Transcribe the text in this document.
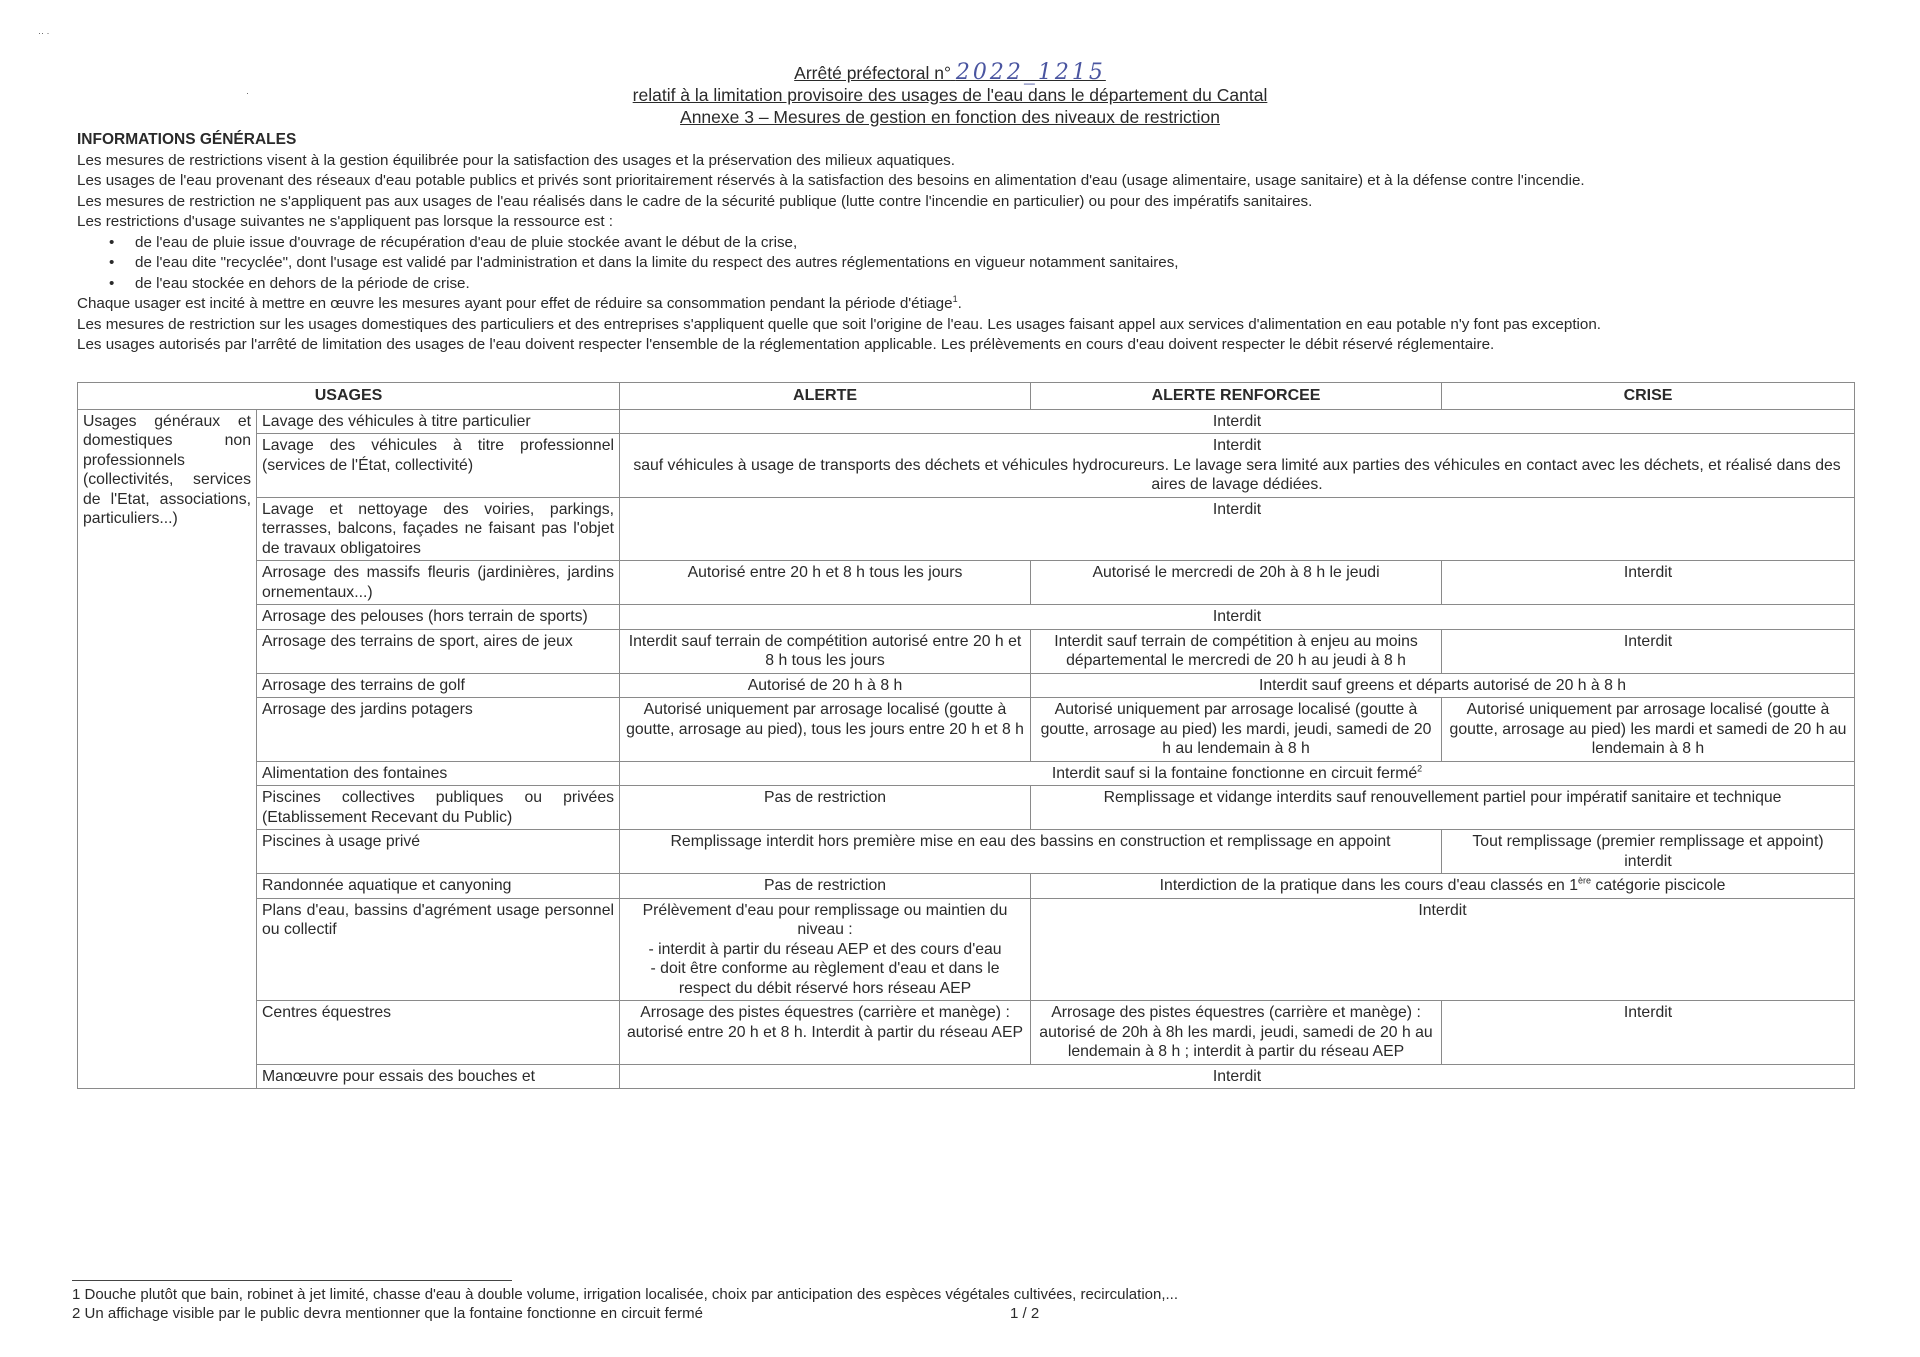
·· ·
·
Arrêté préfectoral n° 2022_1215
relatif à la limitation provisoire des usages de l'eau dans le département du Cantal
Annexe 3 – Mesures de gestion en fonction des niveaux de restriction
INFORMATIONS GÉNÉRALES

Les mesures de restrictions visent à la gestion équilibrée pour la satisfaction des usages et la préservation des milieux aquatiques.

Les usages de l'eau provenant des réseaux d'eau potable publics et privés sont prioritairement réservés à la satisfaction des besoins en alimentation d'eau (usage alimentaire, usage sanitaire) et à la défense contre l'incendie.

Les mesures de restriction ne s'appliquent pas aux usages de l'eau réalisés dans le cadre de la sécurité publique (lutte contre l'incendie en particulier) ou pour des impératifs sanitaires.

Les restrictions d'usage suivantes ne s'appliquent pas lorsque la ressource est :

• de l'eau de pluie issue d'ouvrage de récupération d'eau de pluie stockée avant le début de la crise,
• de l'eau dite "recyclée", dont l'usage est validé par l'administration et dans la limite du respect des autres réglementations en vigueur notamment sanitaires,
• de l'eau stockée en dehors de la période de crise.

Chaque usager est incité à mettre en œuvre les mesures ayant pour effet de réduire sa consommation pendant la période d'étiage$^1$.

Les mesures de restriction sur les usages domestiques des particuliers et des entreprises s'appliquent quelle que soit l'origine de l'eau. Les usages faisant appel aux services d'alimentation en eau potable n'y font pas exception.

Les usages autorisés par l'arrêté de limitation des usages de l'eau doivent respecter l'ensemble de la réglementation applicable. Les prélèvements en cours d'eau doivent respecter le débit réservé réglementaire.

USAGES		ALERTE	ALERTE RENFORCEE	CRISE
Usages généraux et domestiques non professionnels (collectivités, services de l'Etat, associations, particuliers...)	Lavage des véhicules à titre particulier	Interdit		
	Lavage des véhicules à titre professionnel (services de l'État, collectivité)	Interdit
sauf véhicules à usage de transports des déchets et véhicules hydrocureurs. Le lavage sera limité aux parties des véhicules en contact avec les déchets, et réalisé dans des aires de lavage dédiées.		

	Lavage et nettoyage des voiries, parkings, terrasses, balcons, façades ne faisant pas l'objet de travaux obligatoires	Interdit		
	Arrosage des massifs fleuris (jardinières, jardins ornementaux...)	Autorisé entre 20 h et 8 h tous les jours	Autorisé le mercredi de 20h à 8 h le jeudi	Interdit
	Arrosage des pelouses (hors terrain de sports)	Interdit		
	Arrosage des terrains de sport, aires de jeux	Interdit sauf terrain de compétition autorisé entre 20 h et 8 h tous les jours	Interdit sauf terrain de compétition à enjeu au moins départemental le mercredi de 20 h au jeudi à 8 h	Interdit
	Arrosage des terrains de golf	Autorisé de 20 h à 8 h	Interdit sauf greens et départs autorisé de 20 h à 8 h	
	Arrosage des jardins potagers	Autorisé uniquement par arrosage localisé (goutte à goutte, arrosage au pied), tous les jours entre 20 h et 8 h	Autorisé uniquement par arrosage localisé (goutte à goutte, arrosage au pied) les mardi, jeudi, samedi de 20 h au lendemain à 8 h	Autorisé uniquement par arrosage localisé (goutte à goutte, arrosage au pied) les mardi et samedi de 20 h au lendemain à 8 h
	Alimentation des fontaines	Interdit sauf si la fontaine fonctionne en circuit fermé$^2$
	Piscines collectives publiques ou privées (Etablissement Recevant du Public)	Pas de restriction	Remplissage et vidange interdits sauf renouvellement partiel pour impératif sanitaire et technique	
	Piscines à usage privé	Remplissage interdit hors première mise en eau des bassins en construction et remplissage en appoint		Tout remplissage (premier remplissage et appoint) interdit
	Randonnée aquatique et canyoning	Pas de restriction	Interdiction de la pratique dans les cours d'eau classés en 1ère catégorie piscicole	
	Plans d'eau, bassins d'agrément usage personnel ou collectif	Prélèvement d'eau pour remplissage ou maintien du niveau :
- interdit à partir du réseau AEP et des cours d'eau
- doit être conforme au règlement d'eau et dans le respect du débit réservé hors réseau AEP	Interdit	
	Centres équestres	Arrosage des pistes équestres (carrière et manège) : autorisé entre 20 h et 8 h. Interdit à partir du réseau AEP	Arrosage des pistes équestres (carrière et manège) : autorisé de 20h à 8h les mardi, jeudi, samedi de 20 h au lendemain à 8 h ; interdit à partir du réseau AEP	Interdit
	Manœuvre pour essais des bouches et	Interdit		
1 Douche plutôt que bain, robinet à jet limité, chasse d'eau à double volume, irrigation localisée, choix par anticipation des espèces végétales cultivées, recirculation,...
2 Un affichage visible par le public devra mentionner que la fontaine fonctionne en circuit fermé	1 / 2
